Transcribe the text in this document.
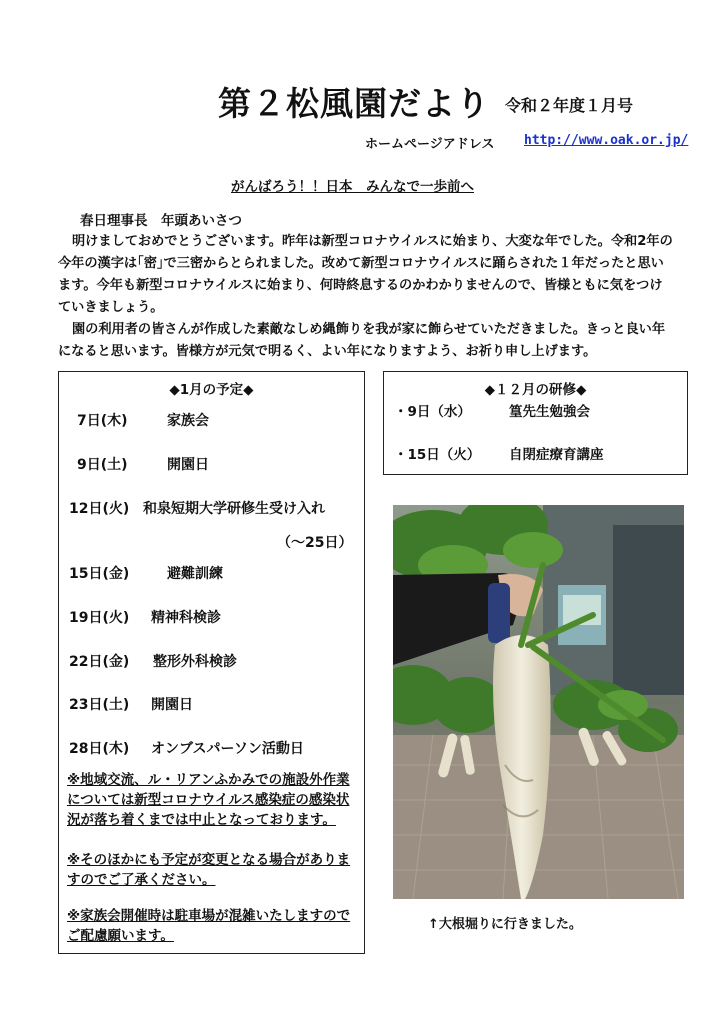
第２松風園だより 令和２年度１月号
ホームページアドレス http://www.oak.or.jp/
がんばろう！！日本　みんなで一歩前へ
春日理事長　年頭あいさつ

明けましておめでとうございます。昨年は新型コロナウイルスに始まり、大変な年でした。令和2年の今年の漢字は｢密｣で三密からとられました。改めて新型コロナウイルスに踊らされた１年だったと思います。今年も新型コロナウイルスに始まり、何時終息するのかわかりませんので、皆様ともに気をつけていきましょう。

園の利用者の皆さんが作成した素敵なしめ縄飾りを我が家に飾らせていただきました。きっと良い年になると思います。皆様方が元気で明るく、よい年になりますよう、お祈り申し上げます。

◆1月の予定◆
7日(木)	家族会
9日(土)	開園日
12日(火) 和泉短期大学研修生受け入れ
（～25日）
15日(金)	避難訓練
19日(火) 精神科検診
22日(金) 整形外科検診
23日(土) 開園日
28日(木) オンブスパーソン活動日
※地域交流、ル・リアンふかみでの施設外作業については新型コロナウイルス感染症の感染状況が落ち着くまでは中止となっております。
※そのほかにも予定が変更となる場合がありますのでご了承ください。
※家族会開催時は駐車場が混雑いたしますので ご配慮願います。
◆１２月の研修◆
・9日（水）	篁先生勉強会
・15日（火） 自閉症療育講座
↑大根堀りに行きました。
